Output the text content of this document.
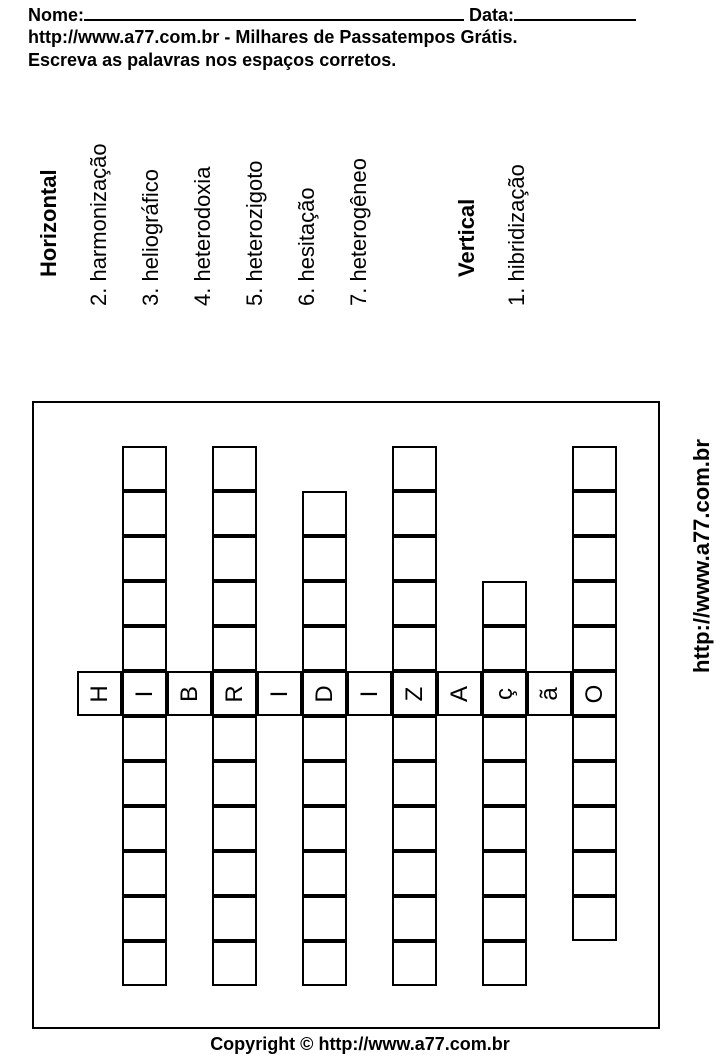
Nome:	Data:
http://www.a77.com.br - Milhares de Passatempos Grátis.
Escreva as palavras nos espaços corretos.
Horizontal 2. harmonização 3. heliográfico 4. heterodoxia 5. heterozigoto 6. hesitação 7. heterogêneo	Vertical 1. hibridização
http://www.a77.com.br
H I B R I D I Z A ç ã O
Copyright © http://www.a77.com.br
